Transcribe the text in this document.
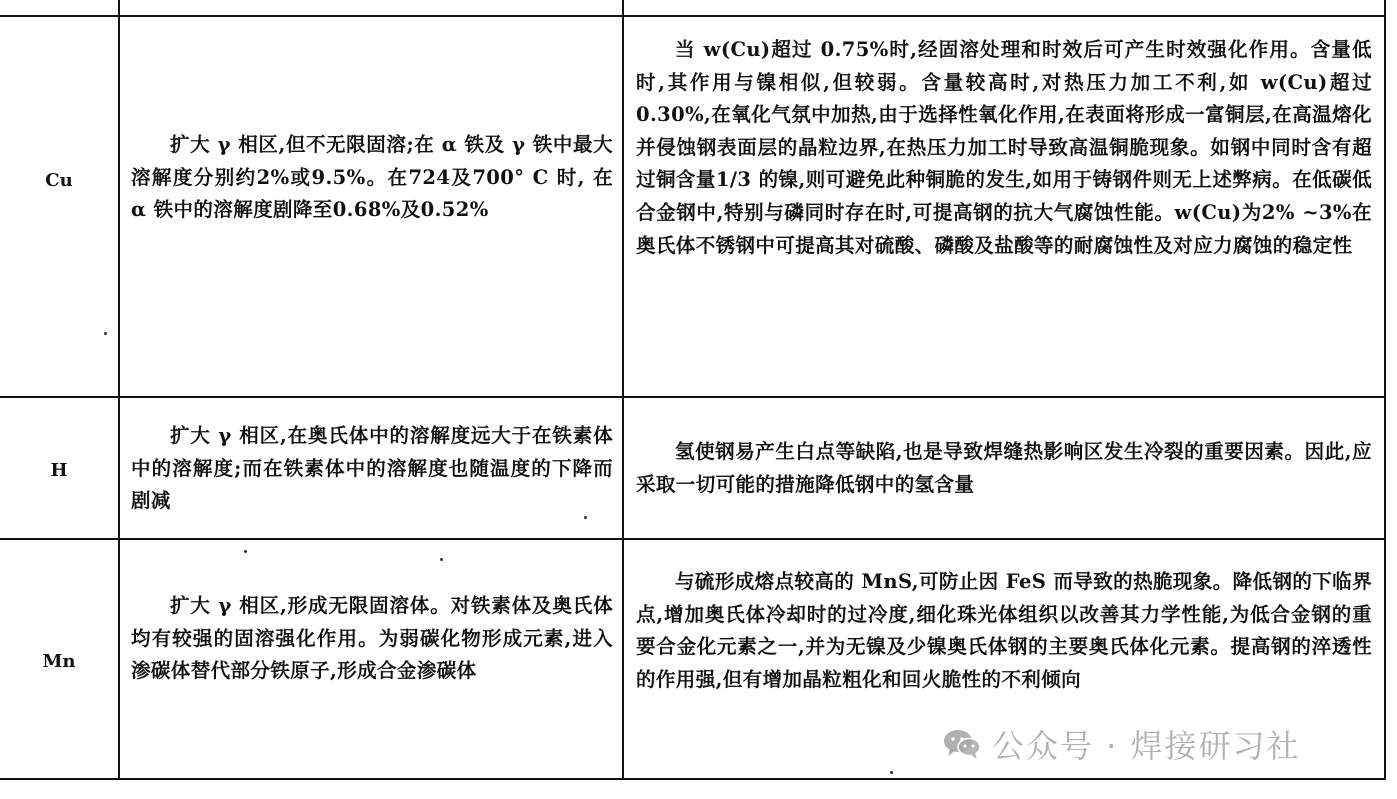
Cu
扩大 γ 相区,但不无限固溶;在 α 铁及 γ 铁中最大溶解度分别约2%或9.5%。在724及700° C 时, 在 α 铁中的溶解度剧降至0.68%及0.52%
当 w(Cu)超过 0.75%时,经固溶处理和时效后可产生时效强化作用。含量低时,其作用与镍相似,但较弱。含量较高时,对热压力加工不利,如 w(Cu)超过 0.30%,在氧化气氛中加热,由于选择性氧化作用,在表面将形成一富铜层,在高温熔化并侵蚀钢表面层的晶粒边界,在热压力加工时导致高温铜脆现象。如钢中同时含有超过铜含量1/3 的镍,则可避免此种铜脆的发生,如用于铸钢件则无上述弊病。在低碳低合金钢中,特别与磷同时存在时,可提高钢的抗大气腐蚀性能。w(Cu)为2% ~3%在奥氏体不锈钢中可提高其对硫酸、磷酸及盐酸等的耐腐蚀性及对应力腐蚀的稳定性
H
扩大 γ 相区,在奥氏体中的溶解度远大于在铁素体中的溶解度;而在铁素体中的溶解度也随温度的下降而剧减
氢使钢易产生白点等缺陷,也是导致焊缝热影响区发生冷裂的重要因素。因此,应采取一切可能的措施降低钢中的氢含量
Mn
扩大 γ 相区,形成无限固溶体。对铁素体及奥氏体均有较强的固溶强化作用。为弱碳化物形成元素,进入渗碳体替代部分铁原子,形成合金渗碳体
与硫形成熔点较高的 MnS,可防止因 FeS 而导致的热脆现象。降低钢的下临界点,增加奥氏体冷却时的过冷度,细化珠光体组织以改善其力学性能,为低合金钢的重要合金化元素之一,并为无镍及少镍奥氏体钢的主要奥氏体化元素。提高钢的淬透性的作用强,但有增加晶粒粗化和回火脆性的不利倾向
公众号 · 焊接研习社
